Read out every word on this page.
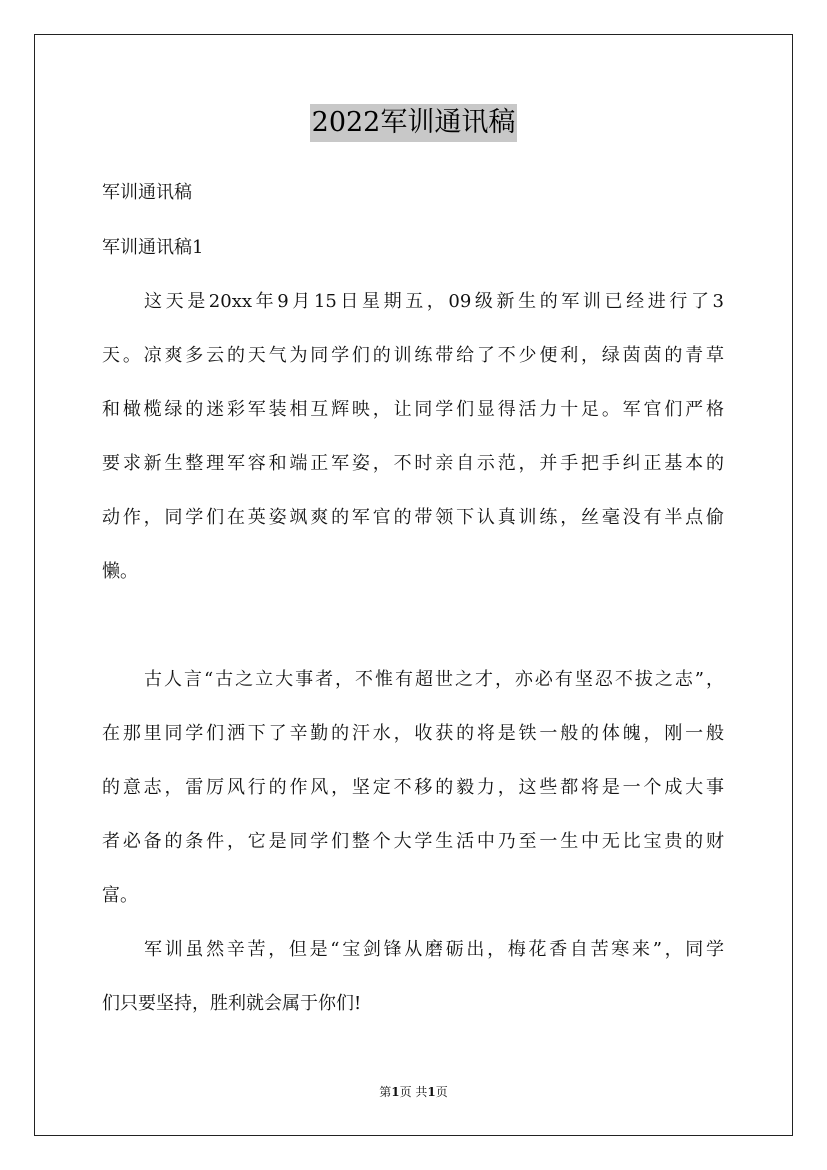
2022军训通讯稿
军训通讯稿
军训通讯稿1
这天是20xx年9月15日星期五，09级新生的军训已经进行了3
天。凉爽多云的天气为同学们的训练带给了不少便利，绿茵茵的青草
和橄榄绿的迷彩军装相互辉映，让同学们显得活力十足。军官们严格
要求新生整理军容和端正军姿，不时亲自示范，并手把手纠正基本的
动作，同学们在英姿飒爽的军官的带领下认真训练，丝毫没有半点偷
懒。
古人言“古之立大事者，不惟有超世之才，亦必有坚忍不拔之志”，
在那里同学们洒下了辛勤的汗水，收获的将是铁一般的体魄，刚一般
的意志，雷厉风行的作风，坚定不移的毅力，这些都将是一个成大事
者必备的条件，它是同学们整个大学生活中乃至一生中无比宝贵的财
富。
军训虽然辛苦，但是“宝剑锋从磨砺出，梅花香自苦寒来”，同学
们只要坚持，胜利就会属于你们!
第1页 共1页
